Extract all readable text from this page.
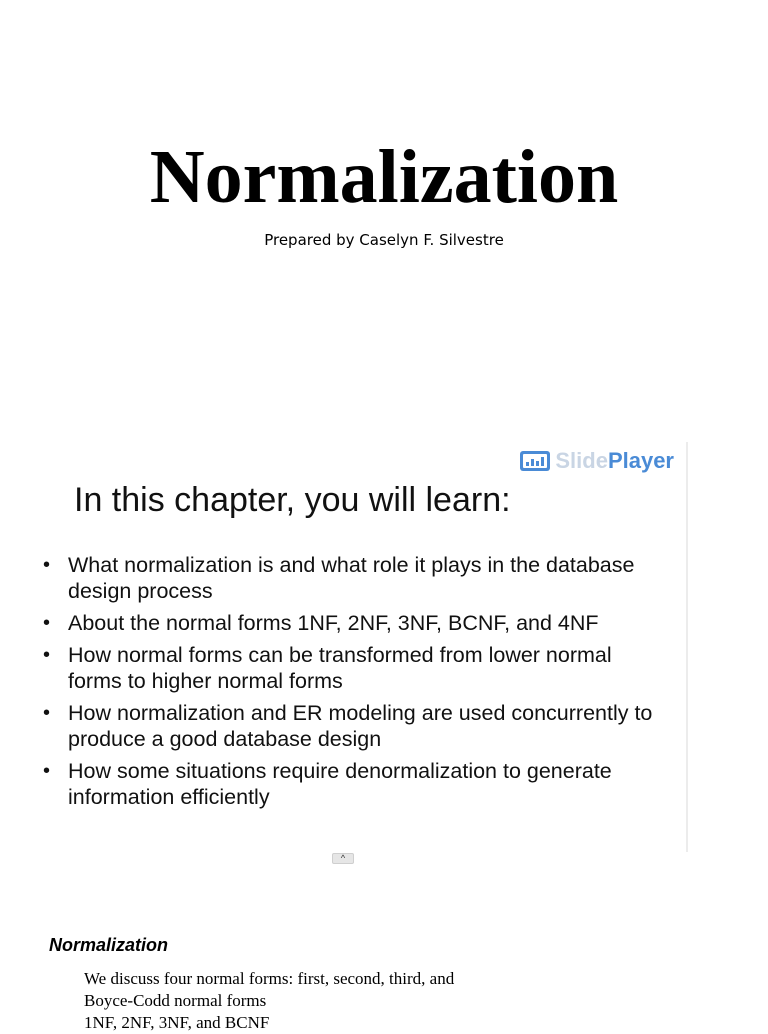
Normalization
Prepared by Caselyn F. Silvestre
Slide Player
In this chapter, you will learn:
• What normalization is and what role it plays in the database design process
• About the normal forms 1NF, 2NF, 3NF, BCNF, and 4NF
• How normal forms can be transformed from lower normal forms to higher normal forms
• How normalization and ER modeling are used concurrently to produce a good database design
• How some situations require denormalization to generate information efficiently
^
Normalization
We discuss four normal forms: first, second, third, and
Boyce-Codd normal forms
1NF, 2NF, 3NF, and BCNF
